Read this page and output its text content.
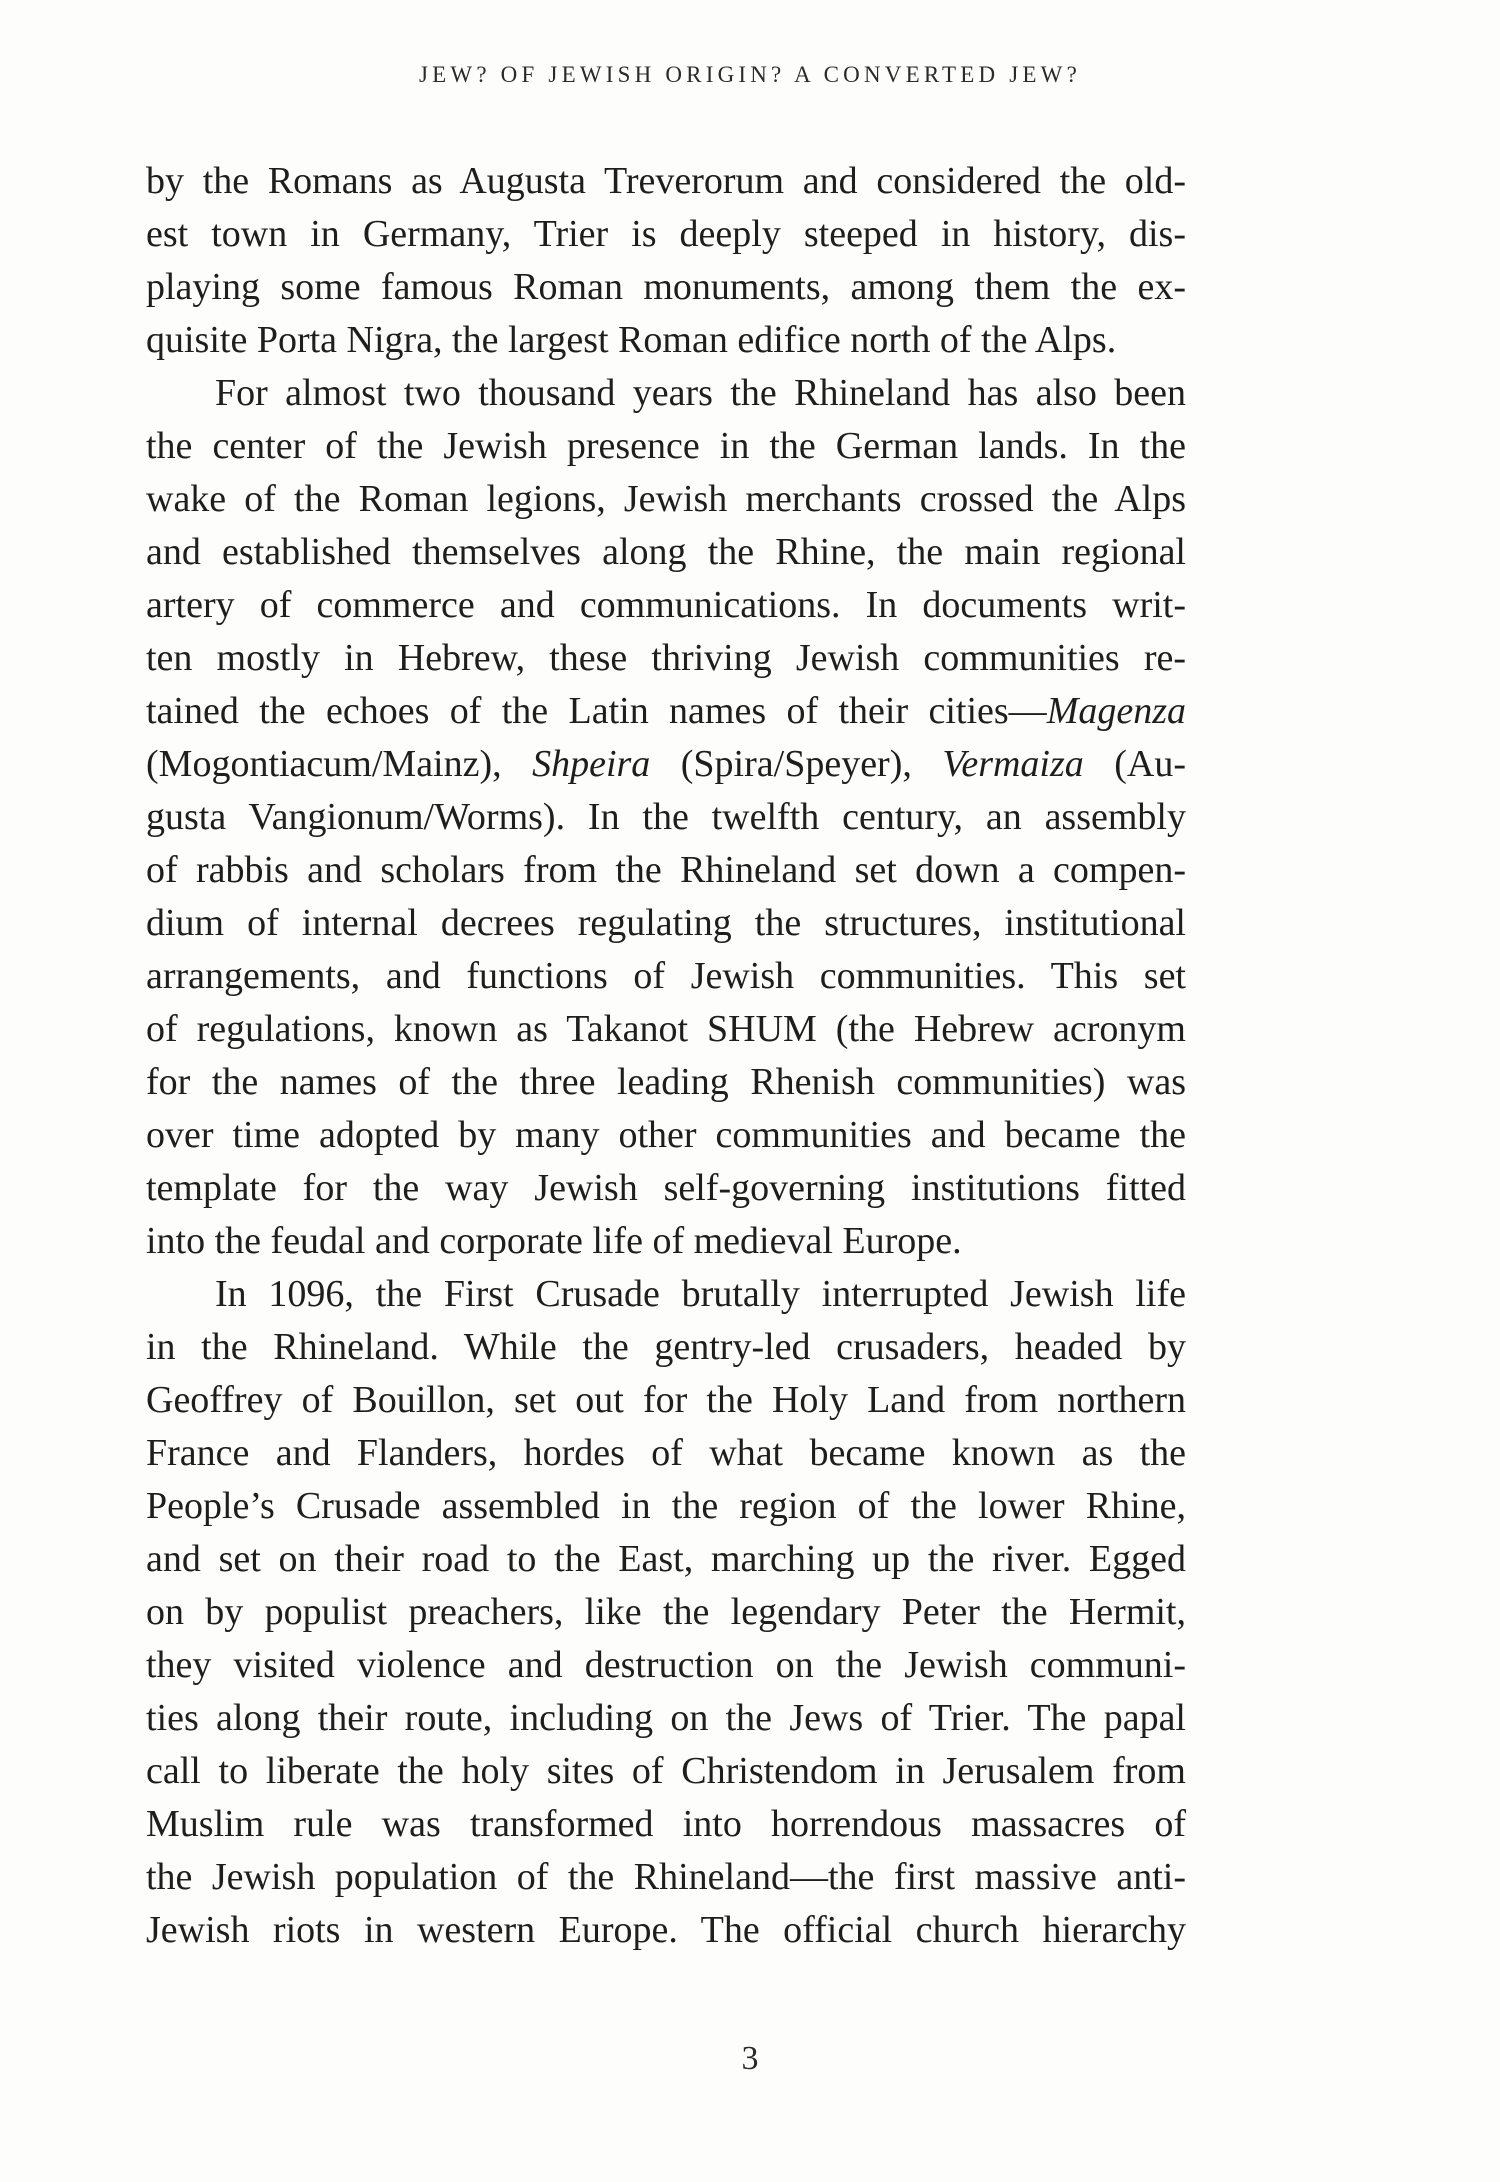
JEW? OF JEWISH ORIGIN? A CONVERTED JEW?
by the Romans as Augusta Treverorum and considered the old-
est town in Germany, Trier is deeply steeped in history, dis-
playing some famous Roman monuments, among them the ex-
quisite Porta Nigra, the largest Roman edifice north of the Alps.
For almost two thousand years the Rhineland has also been
the center of the Jewish presence in the German lands. In the
wake of the Roman legions, Jewish merchants crossed the Alps
and established themselves along the Rhine, the main regional
artery of commerce and communications. In documents writ-
ten mostly in Hebrew, these thriving Jewish communities re-
tained the echoes of the Latin names of their cities—Magenza
(Mogontiacum/Mainz), Shpeira (Spira/Speyer), Vermaiza (Au-
gusta Vangionum/Worms). In the twelfth century, an assembly
of rabbis and scholars from the Rhineland set down a compen-
dium of internal decrees regulating the structures, institutional
arrangements, and functions of Jewish communities. This set
of regulations, known as Takanot SHUM (the Hebrew acronym
for the names of the three leading Rhenish communities) was
over time adopted by many other communities and became the
template for the way Jewish self-governing institutions fitted
into the feudal and corporate life of medieval Europe.
In 1096, the First Crusade brutally interrupted Jewish life
in the Rhineland. While the gentry-led crusaders, headed by
Geoffrey of Bouillon, set out for the Holy Land from northern
France and Flanders, hordes of what became known as the
People’s Crusade assembled in the region of the lower Rhine,
and set on their road to the East, marching up the river. Egged
on by populist preachers, like the legendary Peter the Hermit,
they visited violence and destruction on the Jewish communi-
ties along their route, including on the Jews of Trier. The papal
call to liberate the holy sites of Christendom in Jerusalem from
Muslim rule was transformed into horrendous massacres of
the Jewish population of the Rhineland—the first massive anti-
Jewish riots in western Europe. The official church hierarchy
3
